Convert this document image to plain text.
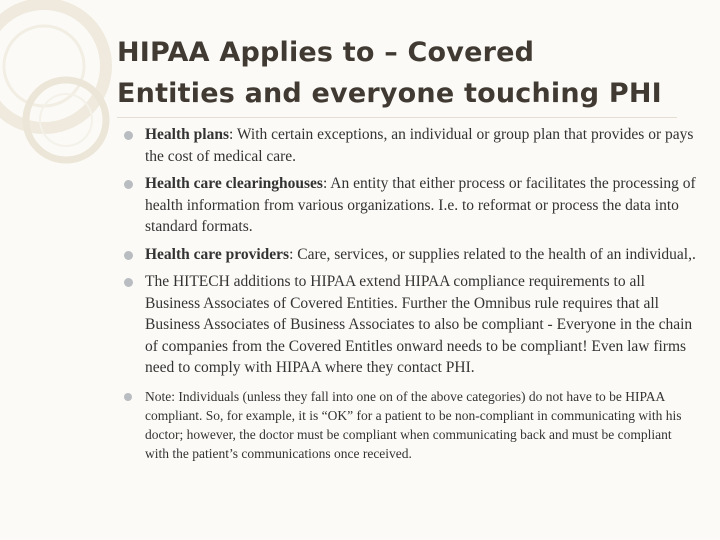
HIPAA Applies to – Covered
Entities and everyone touching PHI
Health plans: With certain exceptions, an individual or group plan that provides or pays the cost of medical care.
Health care clearinghouses: An entity that either process or facilitates the processing of health information from various organizations. I.e. to reformat or process the data into standard formats.
Health care providers: Care, services, or supplies related to the health of an individual,.
The HITECH additions to HIPAA extend HIPAA compliance requirements to all Business Associates of Covered Entities. Further the Omnibus rule requires that all Business Associates of Business Associates to also be compliant - Everyone in the chain of companies from the Covered Entitles onward needs to be compliant! Even law firms need to comply with HIPAA where they contact PHI.
Note: Individuals (unless they fall into one on of the above categories) do not have to be HIPAA compliant. So, for example, it is “OK” for a patient to be non-compliant in communicating with his doctor; however, the doctor must be compliant when communicating back and must be compliant with the patient’s communications once received.
